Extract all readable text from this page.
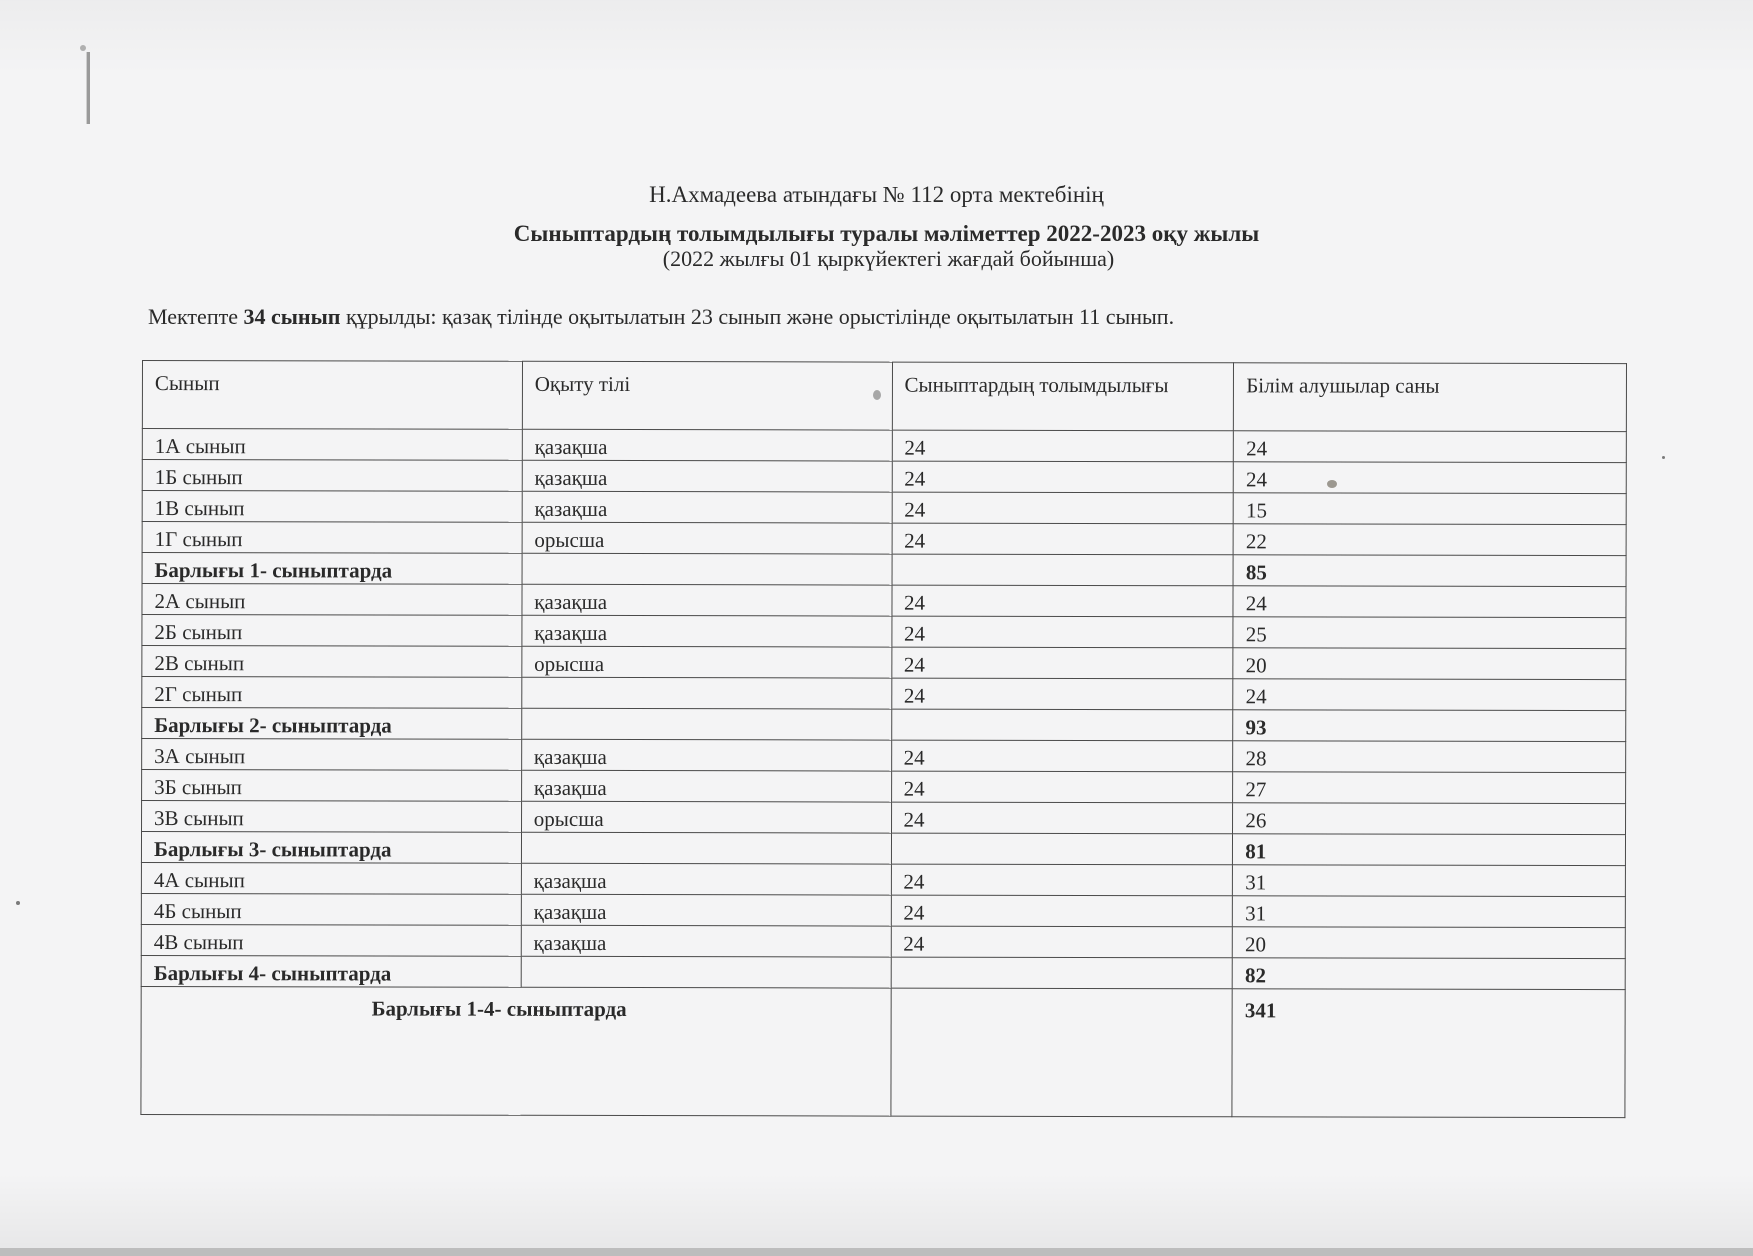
Н.Ахмадеева атындағы № 112 орта мектебінің
Сыныптардың толымдылығы туралы мәліметтер 2022-2023 оқу жылы
(2022 жылғы 01 қыркүйектегі жағдай бойынша)
Мектепте 34 сынып құрылды: қазақ тілінде оқытылатын 23 сынып және орыстілінде оқытылатын 11 сынып.
Сынып	Оқыту тілі	Сыныптардың толымдылығы	Білім алушылар саны
1А сынып	қазақша	24	24
1Б сынып	қазақша	24	24
1В сынып	қазақша	24	15
1Г сынып	орысша	24	22
Барлығы 1- сыныптарда			85
2А сынып	қазақша	24	24
2Б сынып	қазақша	24	25
2В сынып	орысша	24	20
2Г сынып		24	24
Барлығы 2- сыныптарда			93
3А сынып	қазақша	24	28
3Б сынып	қазақша	24	27
3В сынып	орысша	24	26
Барлығы 3- сыныптарда			81
4А сынып	қазақша	24	31
4Б сынып	қазақша	24	31
4В сынып	қазақша	24	20
Барлығы 4- сыныптарда			82
Барлығы 1-4- сыныптарда			341
